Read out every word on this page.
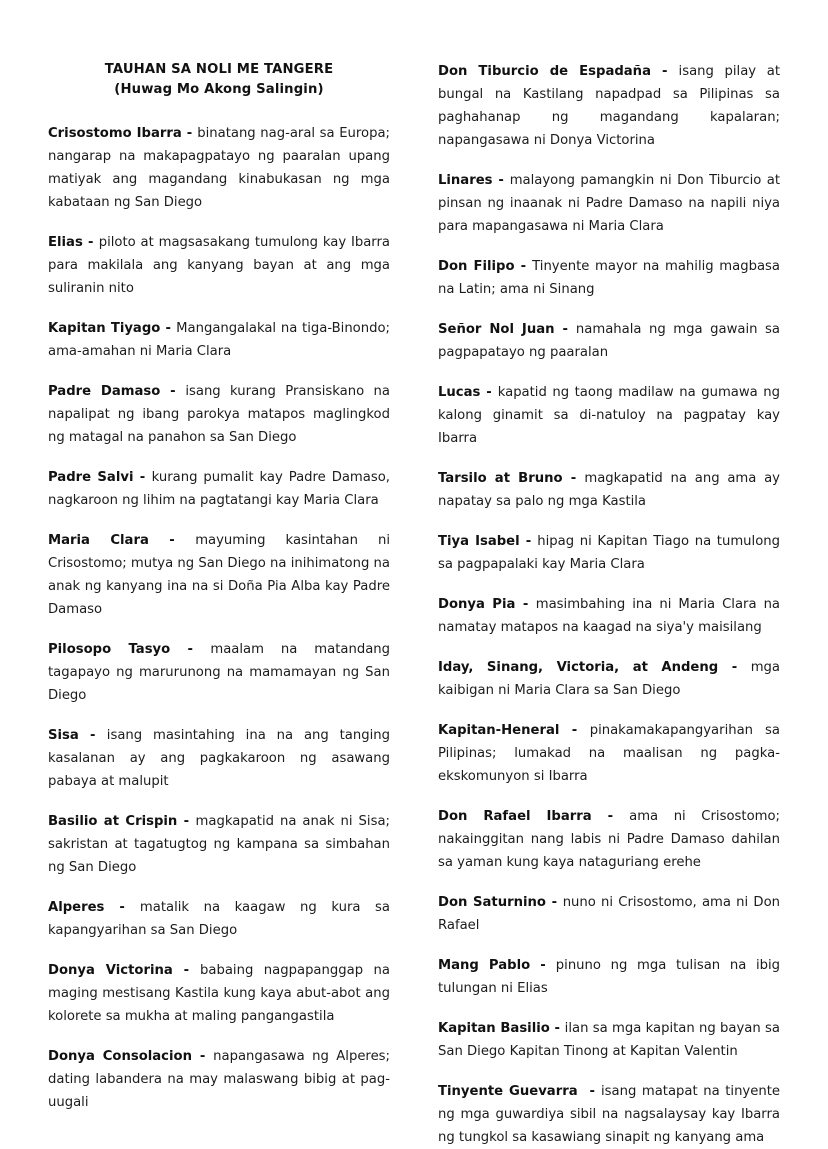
TAUHAN SA NOLI ME TANGERE
(Huwag Mo Akong Salingin)

Crisostomo Ibarra - binatang nag-aral sa Europa; nangarap na makapagpatayo ng paaralan upang matiyak ang magandang kinabukasan ng mga kabataan ng San Diego

Elias - piloto at magsasakang tumulong kay Ibarra para makilala ang kanyang bayan at ang mga suliranin nito

Kapitan Tiyago - Mangangalakal na tiga-Binondo; ama-amahan ni Maria Clara

Padre Damaso - isang kurang Pransiskano na napalipat ng ibang parokya matapos maglingkod ng matagal na panahon sa San Diego

Padre Salvi - kurang pumalit kay Padre Damaso, nagkaroon ng lihim na pagtatangi kay Maria Clara

Maria Clara - mayuming kasintahan ni Crisostomo; mutya ng San Diego na inihimatong na anak ng kanyang ina na si Doña Pia Alba kay Padre Damaso

Pilosopo Tasyo - maalam na matandang tagapayo ng marurunong na mamamayan ng San Diego

Sisa - isang masintahing ina na ang tanging kasalanan ay ang pagkakaroon ng asawang pabaya at malupit

Basilio at Crispin - magkapatid na anak ni Sisa; sakristan at tagatugtog ng kampana sa simbahan ng San Diego

Alperes - matalik na kaagaw ng kura sa kapangyarihan sa San Diego

Donya Victorina - babaing nagpapanggap na maging mestisang Kastila kung kaya abut-abot ang kolorete sa mukha at maling pangangastila

Donya Consolacion - napangasawa ng Alperes; dating labandera na may malaswang bibig at pag-uugali

Don Tiburcio de Espadaña - isang pilay at bungal na Kastilang napadpad sa Pilipinas sa paghahanap ng magandang kapalaran; napangasawa ni Donya Victorina

Linares - malayong pamangkin ni Don Tiburcio at pinsan ng inaanak ni Padre Damaso na napili niya para mapangasawa ni Maria Clara

Don Filipo - Tinyente mayor na mahilig magbasa na Latin; ama ni Sinang

Señor Nol Juan - namahala ng mga gawain sa pagpapatayo ng paaralan

Lucas - kapatid ng taong madilaw na gumawa ng kalong ginamit sa di-natuloy na pagpatay kay Ibarra

Tarsilo at Bruno - magkapatid na ang ama ay napatay sa palo ng mga Kastila

Tiya Isabel - hipag ni Kapitan Tiago na tumulong sa pagpapalaki kay Maria Clara

Donya Pia - masimbahing ina ni Maria Clara na namatay matapos na kaagad na siya'y maisilang

Iday, Sinang, Victoria, at Andeng - mga kaibigan ni Maria Clara sa San Diego

Kapitan-Heneral - pinakamakapangyarihan sa Pilipinas; lumakad na maalisan ng pagka-ekskomunyon si Ibarra

Don Rafael Ibarra - ama ni Crisostomo; nakainggitan nang labis ni Padre Damaso dahilan sa yaman kung kaya nataguriang erehe

Don Saturnino - nuno ni Crisostomo, ama ni Don Rafael

Mang Pablo - pinuno ng mga tulisan na ibig tulungan ni Elias

Kapitan Basilio - ilan sa mga kapitan ng bayan sa San Diego Kapitan Tinong at Kapitan Valentin

Tinyente Guevarra  - isang matapat na tinyente ng mga guwardiya sibil na nagsalaysay kay Ibarra ng tungkol sa kasawiang sinapit ng kanyang ama
